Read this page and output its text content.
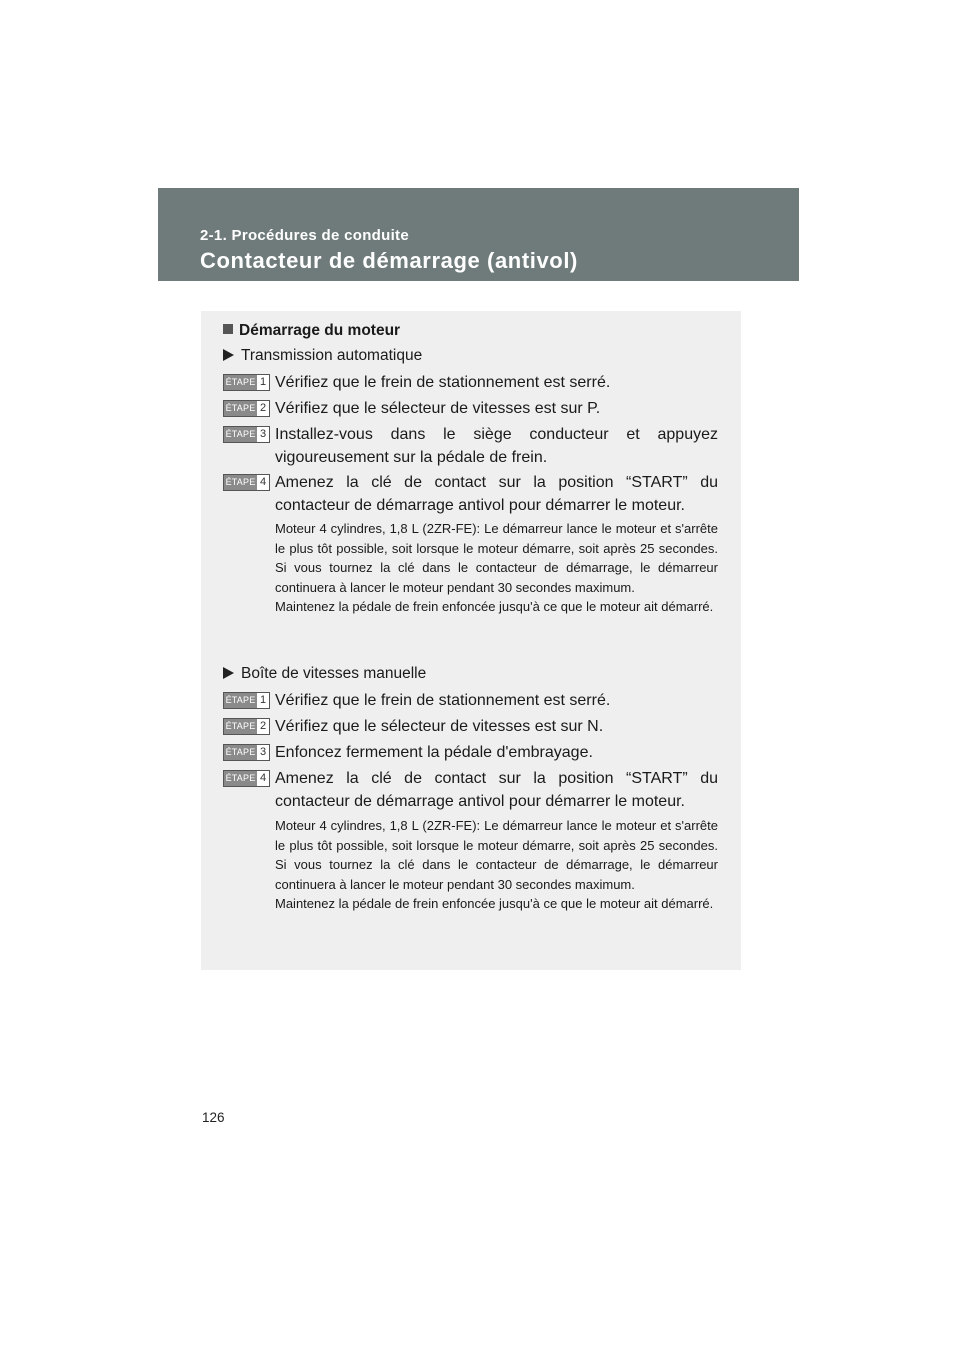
2-1. Procédures de conduite
Contacteur de démarrage (antivol)
Démarrage du moteur
Transmission automatique
ÉTAPE 1 Vérifiez que le frein de stationnement est serré.
ÉTAPE 2 Vérifiez que le sélecteur de vitesses est sur P.
ÉTAPE 3 Installez-vous dans le siège conducteur et appuyez vigoureusement sur la pédale de frein.
ÉTAPE 4 Amenez la clé de contact sur la position “START” du contacteur de démarrage antivol pour démarrer le moteur.

Moteur 4 cylindres, 1,8 L (2ZR-FE): Le démarreur lance le moteur et s'arrête le plus tôt possible, soit lorsque le moteur démarre, soit après 25 secondes. Si vous tournez la clé dans le contacteur de démarrage, le démarreur continuera à lancer le moteur pendant 30 secondes maximum.

Maintenez la pédale de frein enfoncée jusqu'à ce que le moteur ait démarré.

Boîte de vitesses manuelle
ÉTAPE 1 Vérifiez que le frein de stationnement est serré.
ÉTAPE 2 Vérifiez que le sélecteur de vitesses est sur N.
ÉTAPE 3 Enfoncez fermement la pédale d'embrayage.
ÉTAPE 4 Amenez la clé de contact sur la position “START” du contacteur de démarrage antivol pour démarrer le moteur.

Moteur 4 cylindres, 1,8 L (2ZR-FE): Le démarreur lance le moteur et s'arrête le plus tôt possible, soit lorsque le moteur démarre, soit après 25 secondes. Si vous tournez la clé dans le contacteur de démarrage, le démarreur continuera à lancer le moteur pendant 30 secondes maximum.

Maintenez la pédale de frein enfoncée jusqu'à ce que le moteur ait démarré.

126
